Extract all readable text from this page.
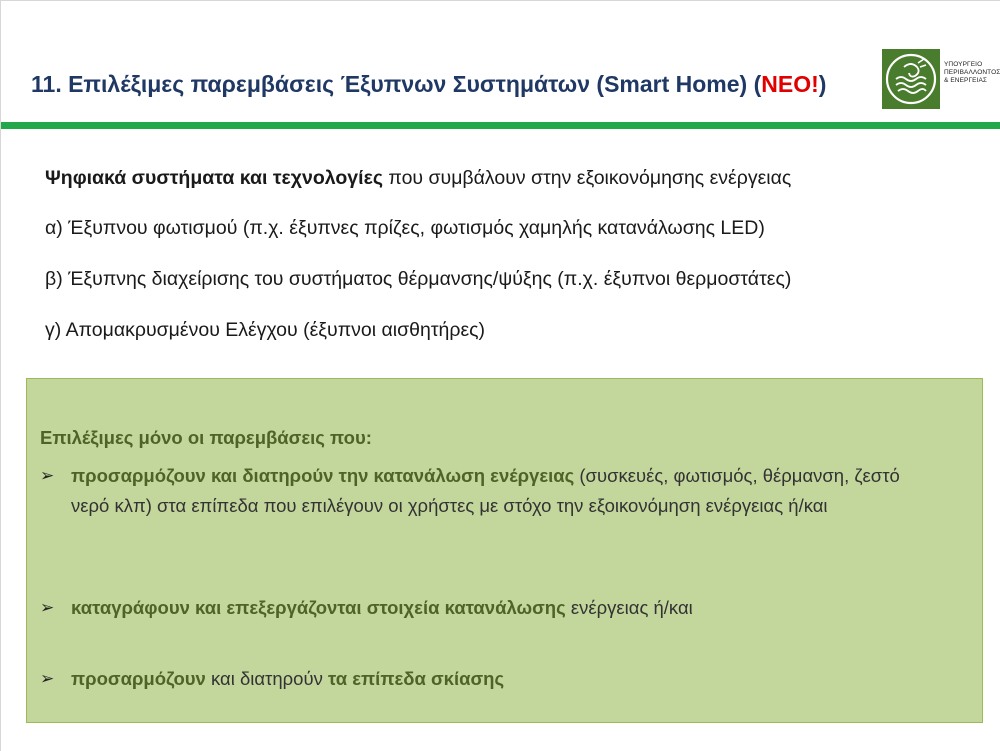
11. Επιλέξιμες παρεμβάσεις Έξυπνων Συστημάτων (Smart Home) (ΝΕΟ!)
ΥΠΟΥΡΓΕΙΟ
ΠΕΡΙΒΑΛΛΟΝΤΟΣ
& ΕΝΕΡΓΕΙΑΣ

Ψηφιακά συστήματα και τεχνολογίες που συμβάλουν στην εξοικονόμησης ενέργειας

α) Έξυπνου φωτισμού (π.χ. έξυπνες πρίζες, φωτισμός χαμηλής κατανάλωσης LED)

β) Έξυπνης διαχείρισης του συστήματος θέρμανσης/ψύξης (π.χ. έξυπνοι θερμοστάτες)

γ) Απομακρυσμένου Ελέγχου (έξυπνοι αισθητήρες)

Επιλέξιμες μόνο οι παρεμβάσεις που:

➢ προσαρμόζουν και διατηρούν την κατανάλωση ενέργειας (συσκευές, φωτισμός, θέρμανση, ζεστό νερό κλπ) στα επίπεδα που επιλέγουν οι χρήστες με στόχο την εξοικονόμηση ενέργειας ή/και
➢ καταγράφουν και επεξεργάζονται στοιχεία κατανάλωσης ενέργειας ή/και
➢ προσαρμόζουν και διατηρούν τα επίπεδα σκίασης
